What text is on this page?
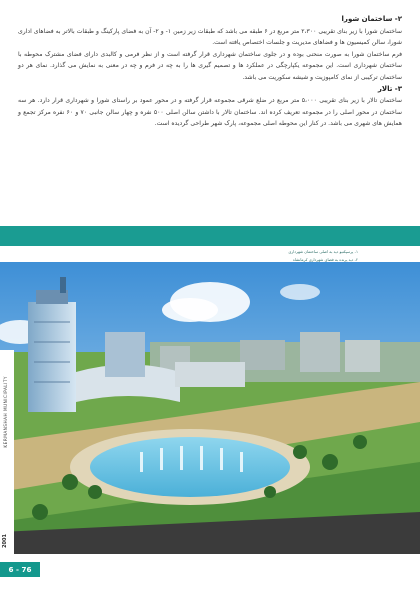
۲- ساختمان شورا

ساختمان شورا با زیر بنای تقریبی ۲،۳۰۰ متر مربع در ۶ طبقه می باشد که طبقات زیر زمین ۱- و ۲- آن به فضای پارکینگ و طبقات بالاتر به فضاهای اداری شورا، سالن کمیسیون ها و فضاهای مدیریت و جلسات اختصاص یافته است.

فرم ساختمان شورا به صورت منحنی بوده و در جلوی ساختمان شهرداری قرار گرفته است و از نظر فرمی و کالبدی دارای فضای مشترک محوطه با ساختمان شهرداری است. این مجموعه یکپارچگی در عملکرد ها و تصمیم گیری ها را به چه در فرم و چه در معنی به نمایش می گذارد. نمای هر دو ساختمان ترکیبی از نمای کامپوزیت و شیشه سکوریت می باشد.

۳- تالار

ساختمان تالار با زیر بنای تقریبی ۵،۰۰۰ متر مربع در ضلع شرقی مجموعه قرار گرفته و در محور عمود بر راستای شورا و شهرداری قرار دارد. هر سه ساختمان در محور اصلی را در مجموعه تعریف کرده اند. ساختمان تالار با داشتن سالن اصلی ۵۰۰ نفره و چهار سالن جانبی ۷۰ و ۶۰ نفره مرکز تجمع و همایش های شهری می باشد. در کنار این محوطه اصلی مجموعه، پارک شهر طراحی گردیده است.

۱- پرسپکتیو دید به اصلی ساختمان شهرداری
۲- دید پرنده به فضای شهرداری کرمانشاه
KERMANSHAH MUNICIPALITY
2001
6 - 76
